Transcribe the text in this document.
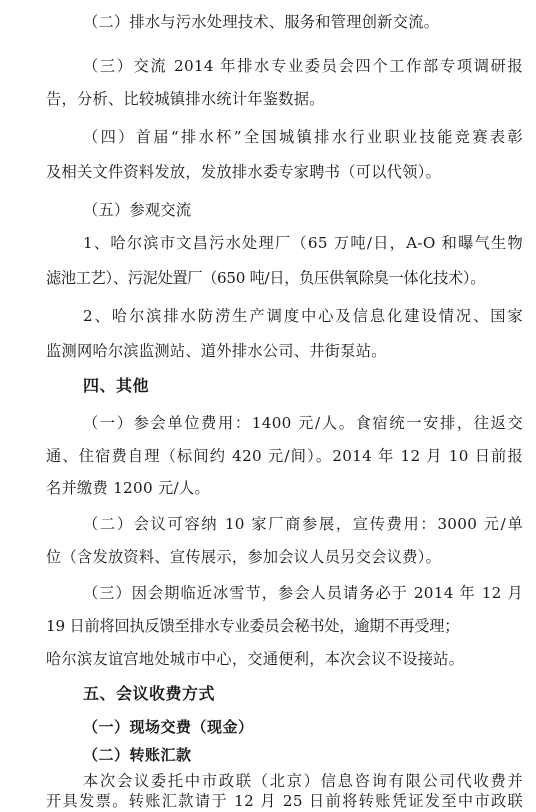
（二）排水与污水处理技术、服务和管理创新交流。
（三）交流 2014 年排水专业委员会四个工作部专项调研报
告，分析、比较城镇排水统计年鉴数据。
（四）首届“排水杯”全国城镇排水行业职业技能竞赛表彰
及相关文件资料发放，发放排水委专家聘书（可以代领）。
（五）参观交流
1、哈尔滨市文昌污水处理厂（65 万吨/日，A-O 和曝气生物
滤池工艺）、污泥处置厂（650 吨/日，负压供氧除臭一体化技术）。
2、哈尔滨排水防涝生产调度中心及信息化建设情况、国家
监测网哈尔滨监测站、道外排水公司、井街泵站。
四、其他
（一）参会单位费用：1400 元/人。食宿统一安排，往返交
通、住宿费自理（标间约 420 元/间）。2014 年 12 月 10 日前报
名并缴费 1200 元/人。
（二）会议可容纳 10 家厂商参展，宣传费用：3000 元/单
位（含发放资料、宣传展示，参加会议人员另交会议费）。
（三）因会期临近冰雪节，参会人员请务必于 2014 年 12 月
19 日前将回执反馈至排水专业委员会秘书处，逾期不再受理；
哈尔滨友谊宫地处城市中心，交通便利，本次会议不设接站。
五、会议收费方式
（一）现场交费（现金）
（二）转账汇款
本次会议委托中市政联（北京）信息咨询有限公司代收费并
开具发票。转账汇款请于 12 月 25 日前将转账凭证发至中市政联
